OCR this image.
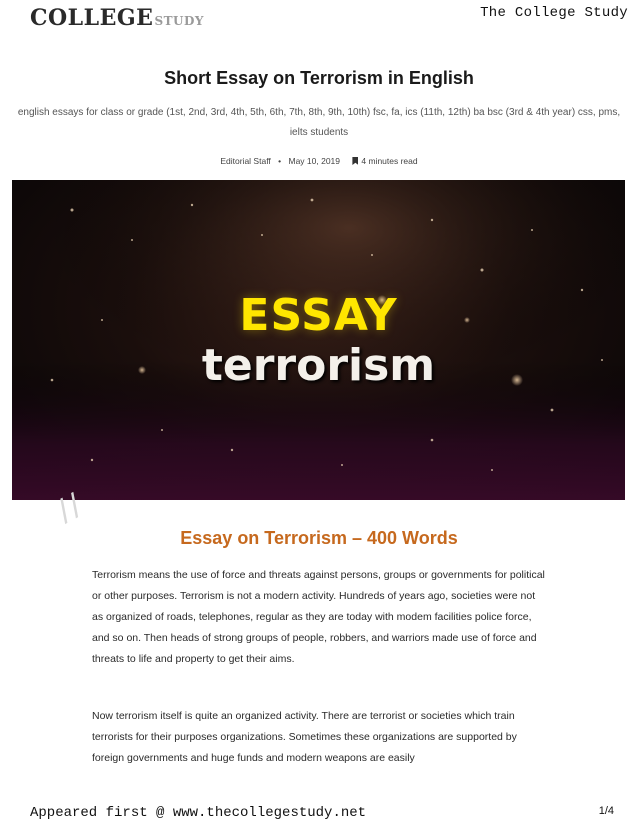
COLLEGESTUDY	The College Study
Short Essay on Terrorism in English
english essays for class or grade (1st, 2nd, 3rd, 4th, 5th, 6th, 7th, 8th, 9th, 10th) fsc, fa, ics (11th, 12th) ba bsc (3rd & 4th year) css, pms, ielts students
Editorial Staff • May 10, 2019	4 minutes read
ESSAY
terrorism
//
Essay on Terrorism – 400 Words

Terrorism means the use of force and threats against persons, groups or governments for political or other purposes. Terrorism is not a modern activity. Hundreds of years ago, societies were not as organized of roads, telephones, regular as they are today with modem facilities police force, and so on. Then heads of strong groups of people, robbers, and warriors made use of force and threats to life and property to get their aims.

Now terrorism itself is quite an organized activity. There are terrorist or societies which train terrorists for their purposes organizations. Sometimes these organizations are supported by foreign governments and huge funds and modern weapons are easily

Appeared first @ www.thecollegestudy.net	1/4
